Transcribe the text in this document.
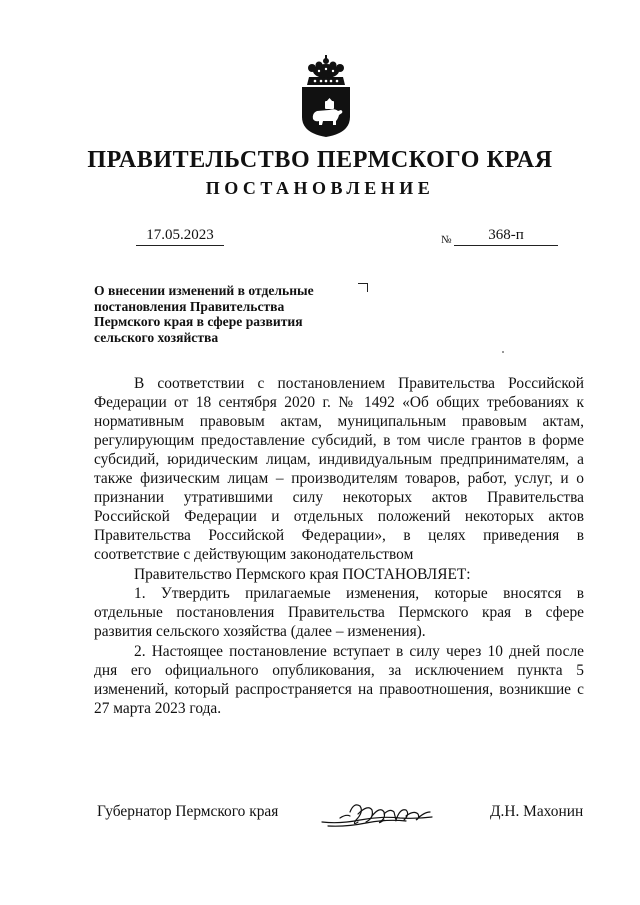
ПРАВИТЕЛЬСТВО ПЕРМСКОГО КРАЯ
ПОСТАНОВЛЕНИЕ
17.05.2023	№	368-п
О внесении изменений в отдельные
постановления Правительства
Пермского края в сфере развития
сельского хозяйства

В соответствии с постановлением Правительства Российской Федерации от 18 сентября 2020 г. № 1492 «Об общих требованиях к нормативным правовым актам, муниципальным правовым актам, регулирующим предоставление субсидий, в том числе грантов в форме субсидий, юридическим лицам, индивидуальным предпринимателям, а также физическим лицам – производителям товаров, работ, услуг, и о признании утратившими силу некоторых актов Правительства Российской Федерации и отдельных положений некоторых актов Правительства Российской Федерации», в целях приведения в соответствие с действующим законодательством

Правительство Пермского края ПОСТАНОВЛЯЕТ:

1. Утвердить прилагаемые изменения, которые вносятся в отдельные постановления Правительства Пермского края в сфере развития сельского хозяйства (далее – изменения).

2. Настоящее постановление вступает в силу через 10 дней после дня его официального опубликования, за исключением пункта 5 изменений, который распространяется на правоотношения, возникшие с 27 марта 2023 года.

Губернатор Пермского края	Д.Н. Махонин
